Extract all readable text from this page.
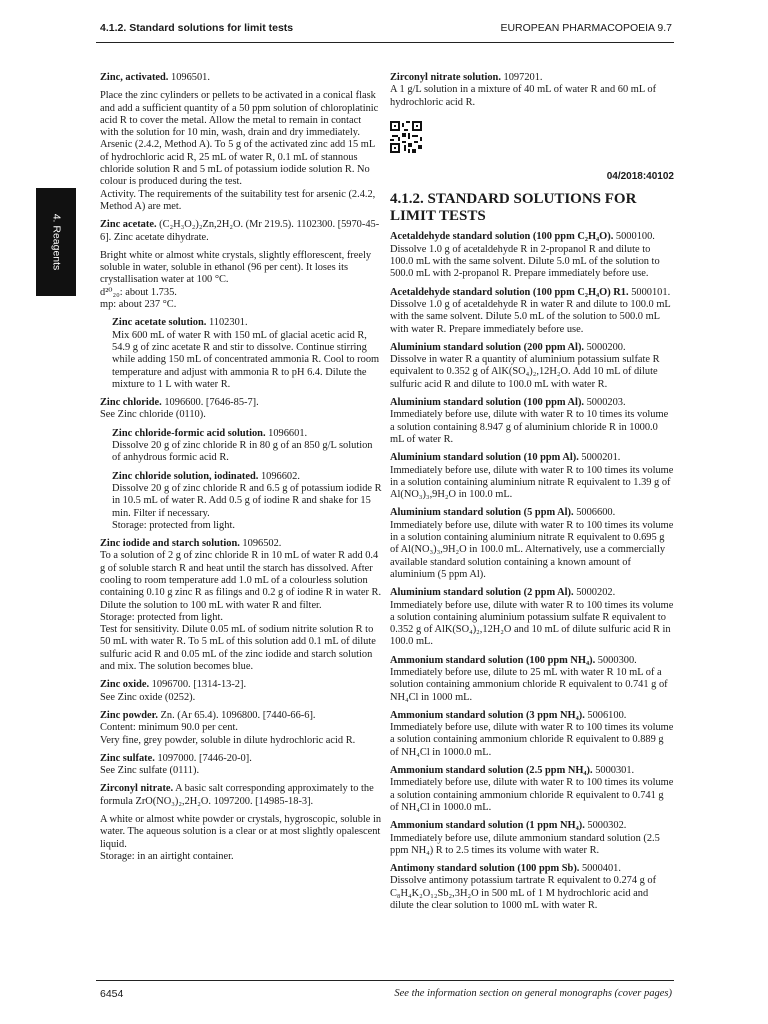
4.1.2. Standard solutions for limit tests	EUROPEAN PHARMACOPOEIA 9.7
4. Reagents

Zinc, activated. 1096501.

Place the zinc cylinders or pellets to be activated in a conical flask and add a sufficient quantity of a 50 ppm solution of chloroplatinic acid R to cover the metal. Allow the metal to remain in contact with the solution for 10 min, wash, drain and dry immediately.

Arsenic (2.4.2, Method A). To 5 g of the activated zinc add 15 mL of hydrochloric acid R, 25 mL of water R, 0.1 mL of stannous chloride solution R and 5 mL of potassium iodide solution R. No colour is produced during the test.

Activity. The requirements of the suitability test for arsenic (2.4.2, Method A) are met.

Zinc acetate. (C₂H₃O₂)₂Zn,2H₂O. (Mr 219.5). 1102300. [5970-45-6]. Zinc acetate dihydrate.

Bright white or almost white crystals, slightly efflorescent, freely soluble in water, soluble in ethanol (96 per cent). It loses its crystallisation water at 100 °C.

d²⁰₂₀: about 1.735.

mp: about 237 °C.

Zinc acetate solution. 1102301.

Mix 600 mL of water R with 150 mL of glacial acetic acid R, 54.9 g of zinc acetate R and stir to dissolve. Continue stirring while adding 150 mL of concentrated ammonia R. Cool to room temperature and adjust with ammonia R to pH 6.4. Dilute the mixture to 1 L with water R.

Zinc chloride. 1096600. [7646-85-7].

See Zinc chloride (0110).

Zinc chloride-formic acid solution. 1096601.

Dissolve 20 g of zinc chloride R in 80 g of an 850 g/L solution of anhydrous formic acid R.

Zinc chloride solution, iodinated. 1096602.

Dissolve 20 g of zinc chloride R and 6.5 g of potassium iodide R in 10.5 mL of water R. Add 0.5 g of iodine R and shake for 15 min. Filter if necessary.

Storage: protected from light.

Zinc iodide and starch solution. 1096502.

To a solution of 2 g of zinc chloride R in 10 mL of water R add 0.4 g of soluble starch R and heat until the starch has dissolved. After cooling to room temperature add 1.0 mL of a colourless solution containing 0.10 g zinc R as filings and 0.2 g of iodine R in water R. Dilute the solution to 100 mL with water R and filter.

Storage: protected from light.

Test for sensitivity. Dilute 0.05 mL of sodium nitrite solution R to 50 mL with water R. To 5 mL of this solution add 0.1 mL of dilute sulfuric acid R and 0.05 mL of the zinc iodide and starch solution and mix. The solution becomes blue.

Zinc oxide. 1096700. [1314-13-2].

See Zinc oxide (0252).

Zinc powder. Zn. (Ar 65.4). 1096800. [7440-66-6].

Content: minimum 90.0 per cent.

Very fine, grey powder, soluble in dilute hydrochloric acid R.

Zinc sulfate. 1097000. [7446-20-0].

See Zinc sulfate (0111).

Zirconyl nitrate. A basic salt corresponding approximately to the formula ZrO(NO₃)₂,2H₂O. 1097200. [14985-18-3].

A white or almost white powder or crystals, hygroscopic, soluble in water. The aqueous solution is a clear or at most slightly opalescent liquid.

Storage: in an airtight container.

Zirconyl nitrate solution. 1097201.

A 1 g/L solution in a mixture of 40 mL of water R and 60 mL of hydrochloric acid R.

04/2018:40102
4.1.2. STANDARD SOLUTIONS FOR LIMIT TESTS

Acetaldehyde standard solution (100 ppm C₂H₄O). 5000100.

Dissolve 1.0 g of acetaldehyde R in 2-propanol R and dilute to 100.0 mL with the same solvent. Dilute 5.0 mL of the solution to 500.0 mL with 2-propanol R. Prepare immediately before use.

Acetaldehyde standard solution (100 ppm C₂H₄O) R1. 5000101.

Dissolve 1.0 g of acetaldehyde R in water R and dilute to 100.0 mL with the same solvent. Dilute 5.0 mL of the solution to 500.0 mL with water R. Prepare immediately before use.

Aluminium standard solution (200 ppm Al). 5000200.

Dissolve in water R a quantity of aluminium potassium sulfate R equivalent to 0.352 g of AlK(SO₄)₂,12H₂O. Add 10 mL of dilute sulfuric acid R and dilute to 100.0 mL with water R.

Aluminium standard solution (100 ppm Al). 5000203.

Immediately before use, dilute with water R to 10 times its volume a solution containing 8.947 g of aluminium chloride R in 1000.0 mL of water R.

Aluminium standard solution (10 ppm Al). 5000201.

Immediately before use, dilute with water R to 100 times its volume in a solution containing aluminium nitrate R equivalent to 1.39 g of Al(NO₃)₃,9H₂O in 100.0 mL.

Aluminium standard solution (5 ppm Al). 5006600.

Immediately before use, dilute with water R to 100 times its volume in a solution containing aluminium nitrate R equivalent to 0.695 g of Al(NO₃)₃,9H₂O in 100.0 mL. Alternatively, use a commercially available standard solution containing a known amount of aluminium (5 ppm Al).

Aluminium standard solution (2 ppm Al). 5000202.

Immediately before use, dilute with water R to 100 times its volume a solution containing aluminium potassium sulfate R equivalent to 0.352 g of AlK(SO₄)₂,12H₂O and 10 mL of dilute sulfuric acid R in 100.0 mL.

Ammonium standard solution (100 ppm NH₄). 5000300.

Immediately before use, dilute to 25 mL with water R 10 mL of a solution containing ammonium chloride R equivalent to 0.741 g of NH₄Cl in 1000 mL.

Ammonium standard solution (3 ppm NH₄). 5006100.

Immediately before use, dilute with water R to 100 times its volume a solution containing ammonium chloride R equivalent to 0.889 g of NH₄Cl in 1000.0 mL.

Ammonium standard solution (2.5 ppm NH₄). 5000301.

Immediately before use, dilute with water R to 100 times its volume a solution containing ammonium chloride R equivalent to 0.741 g of NH₄Cl in 1000.0 mL.

Ammonium standard solution (1 ppm NH₄). 5000302.

Immediately before use, dilute ammonium standard solution (2.5 ppm NH₄) R to 2.5 times its volume with water R.

Antimony standard solution (100 ppm Sb). 5000401.

Dissolve antimony potassium tartrate R equivalent to 0.274 g of C₈H₄K₂O₁₂Sb₂,3H₂O in 500 mL of 1 M hydrochloric acid and dilute the clear solution to 1000 mL with water R.

6454	See the information section on general monographs (cover pages)
